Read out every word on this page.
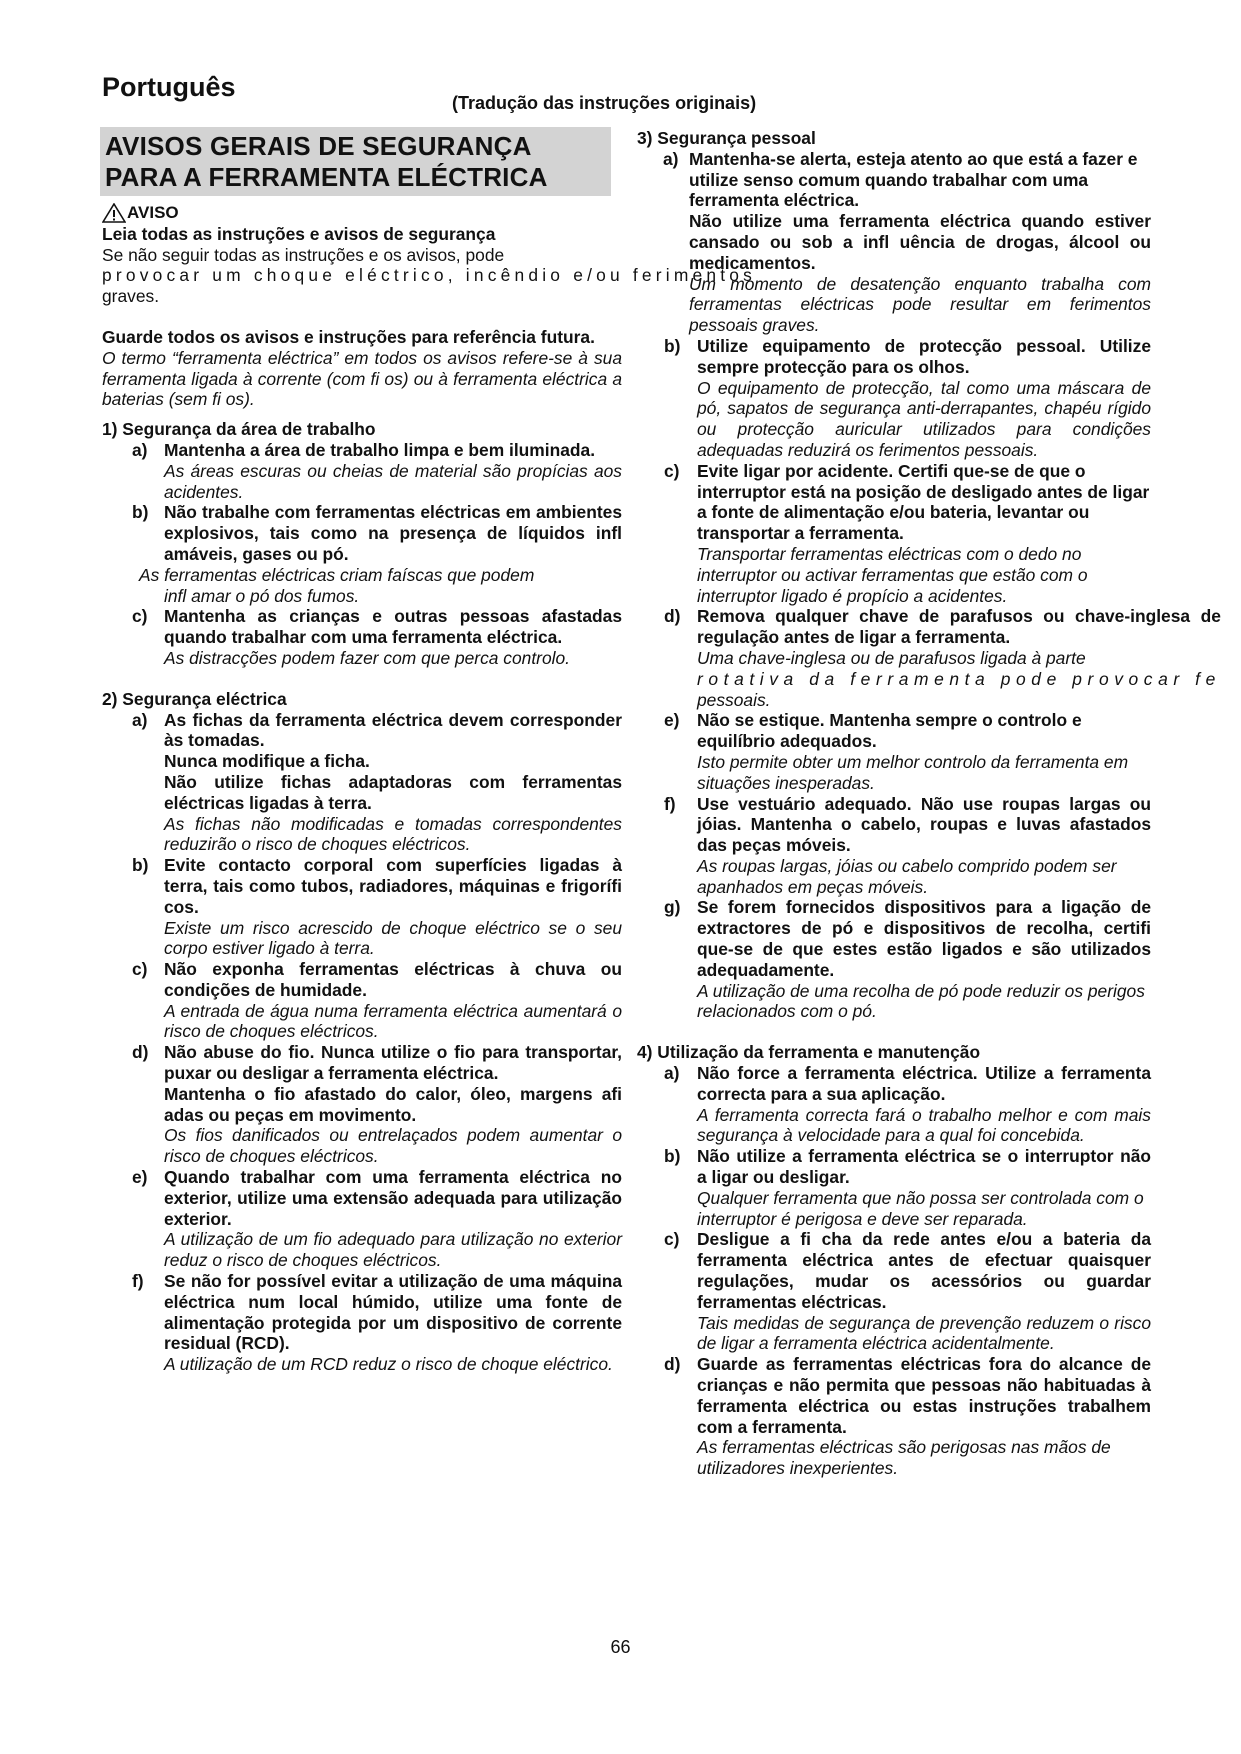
Português
(Tradução das instruções originais)
AVISOS GERAIS DE SEGURANÇA
PARA A FERRAMENTA ELÉCTRICA
AVISO

Leia todas as instruções e avisos de segurança

Se não seguir todas as instruções e os avisos, pode

provocar um choque eléctrico, incêndio e/ou ferimentos

graves.

Guarde todos os avisos e instruções para referência futura.

O termo “ferramenta eléctrica” em todos os avisos refere-se à sua ferramenta ligada à corrente (com fi os) ou à ferramenta eléctrica a baterias (sem fi os).

1) Segurança da área de trabalho

a) Mantenha a área de trabalho limpa e bem iluminada.

As áreas escuras ou cheias de material são propícias aos acidentes.

b) Não trabalhe com ferramentas eléctricas em ambientes explosivos, tais como na presença de líquidos infl amáveis, gases ou pó.

As ferramentas eléctricas criam faíscas que podem

infl amar o pó dos fumos.

c) Mantenha as crianças e outras pessoas afastadas quando trabalhar com uma ferramenta eléctrica.

As distracções podem fazer com que perca controlo.

2) Segurança eléctrica

a) As fichas da ferramenta eléctrica devem corresponder às tomadas.

Nunca modifique a ficha.

Não utilize fichas adaptadoras com ferramentas eléctricas ligadas à terra.

As fichas não modificadas e tomadas correspondentes reduzirão o risco de choques eléctricos.

b) Evite contacto corporal com superfícies ligadas à terra, tais como tubos, radiadores, máquinas e frigorífi cos.

Existe um risco acrescido de choque eléctrico se o seu corpo estiver ligado à terra.

c) Não exponha ferramentas eléctricas à chuva ou condições de humidade.

A entrada de água numa ferramenta eléctrica aumentará o risco de choques eléctricos.

d) Não abuse do fio. Nunca utilize o fio para transportar, puxar ou desligar a ferramenta eléctrica.

Mantenha o fio afastado do calor, óleo, margens afi adas ou peças em movimento.

Os fios danificados ou entrelaçados podem aumentar o risco de choques eléctricos.

e) Quando trabalhar com uma ferramenta eléctrica no exterior, utilize uma extensão adequada para utilização exterior.

A utilização de um fio adequado para utilização no exterior reduz o risco de choques eléctricos.

f)	Se não for possível evitar a utilização de uma máquina eléctrica num local húmido, utilize uma fonte de alimentação protegida por um dispositivo de corrente residual (RCD).

A utilização de um RCD reduz o risco de choque eléctrico.

3) Segurança pessoal

a) Mantenha-se alerta, esteja atento ao que está a fazer e utilize senso comum quando trabalhar com uma ferramenta eléctrica.

Não utilize uma ferramenta eléctrica quando estiver cansado ou sob a infl uência de drogas, álcool ou medicamentos.

Um momento de desatenção enquanto trabalha com ferramentas eléctricas pode resultar em ferimentos pessoais graves.

b) Utilize equipamento de protecção pessoal. Utilize sempre protecção para os olhos.

O equipamento de protecção, tal como uma máscara de pó, sapatos de segurança anti-derrapantes, chapéu rígido ou protecção auricular utilizados para condições adequadas reduzirá os ferimentos pessoais.

c)	Evite ligar por acidente. Certifi que-se de que o interruptor está na posição de desligado antes de ligar a fonte de alimentação e/ou bateria, levantar ou transportar a ferramenta.

Transportar ferramentas eléctricas com o dedo no interruptor ou activar ferramentas que estão com o interruptor ligado é propício a acidentes.

d) Remova qualquer chave de parafusos ou chave-inglesa de regulação antes de ligar a ferramenta.

Uma chave-inglesa ou de parafusos ligada à parte

rotativa da ferramenta pode provocar fe

pessoais.

e)	Não se estique. Mantenha sempre o controlo e equilíbrio adequados.

Isto permite obter um melhor controlo da ferramenta em situações inesperadas.

f)	Use vestuário adequado. Não use roupas largas ou jóias. Mantenha o cabelo, roupas e luvas afastados das peças móveis.

As roupas largas, jóias ou cabelo comprido podem ser apanhados em peças móveis.

g) Se forem fornecidos dispositivos para a ligação de extractores de pó e dispositivos de recolha, certifi que-se de que estes estão ligados e são utilizados adequadamente.

A utilização de uma recolha de pó pode reduzir os perigos relacionados com o pó.

4) Utilização da ferramenta e manutenção

a)	Não force a ferramenta eléctrica. Utilize a ferramenta correcta para a sua aplicação.

A ferramenta correcta fará o trabalho melhor e com mais segurança à velocidade para a qual foi concebida.

b) Não utilize a ferramenta eléctrica se o interruptor não a ligar ou desligar.

Qualquer ferramenta que não possa ser controlada com o interruptor é perigosa e deve ser reparada.

c)	Desligue a fi cha da rede antes e/ou a bateria da ferramenta eléctrica antes de efectuar quaisquer regulações, mudar os acessórios ou guardar ferramentas eléctricas.

Tais medidas de segurança de prevenção reduzem o risco de ligar a ferramenta eléctrica acidentalmente.

d) Guarde as ferramentas eléctricas fora do alcance de crianças e não permita que pessoas não habituadas à ferramenta eléctrica ou estas instruções trabalhem com a ferramenta.

As ferramentas eléctricas são perigosas nas mãos de utilizadores inexperientes.

66
